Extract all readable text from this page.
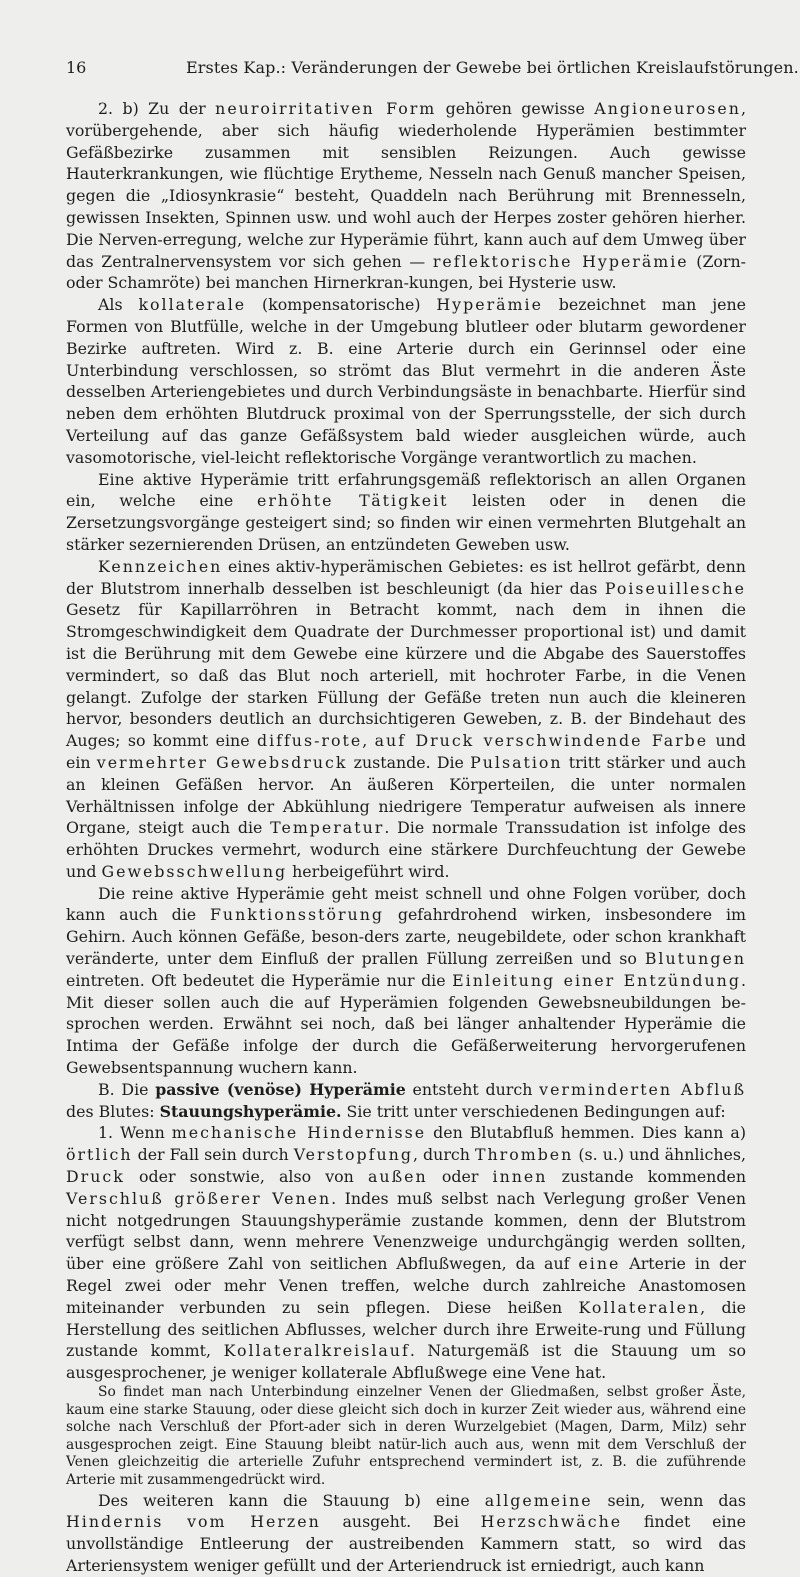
16	Erstes Kap.: Veränderungen der Gewebe bei örtlichen Kreislaufstörungen.

2. b) Zu der neuroirritativen Form gehören gewisse Angioneurosen, vorübergehende, aber sich häufig wiederholende Hyperämien bestimmter Gefäßbezirke zusammen mit sensiblen Reizungen. Auch gewisse Hauterkrankungen, wie flüchtige Erytheme, Nesseln nach Genuß mancher Speisen, gegen die „Idiosynkrasie“ besteht, Quaddeln nach Berührung mit Brennesseln, gewissen Insekten, Spinnen usw. und wohl auch der Herpes zoster gehören hierher. Die Nerven-erregung, welche zur Hyperämie führt, kann auch auf dem Umweg über das Zentralnervensystem vor sich gehen — reflektorische Hyperämie (Zorn- oder Schamröte) bei manchen Hirnerkran-kungen, bei Hysterie usw.

Als kollaterale (kompensatorische) Hyperämie bezeichnet man jene Formen von Blutfülle, welche in der Umgebung blutleer oder blutarm gewordener Bezirke auftreten. Wird z. B. eine Arterie durch ein Gerinnsel oder eine Unterbindung verschlossen, so strömt das Blut vermehrt in die anderen Äste desselben Arteriengebietes und durch Verbindungsäste in benachbarte. Hierfür sind neben dem erhöhten Blutdruck proximal von der Sperrungsstelle, der sich durch Verteilung auf das ganze Gefäßsystem bald wieder ausgleichen würde, auch vasomotorische, viel-leicht reflektorische Vorgänge verantwortlich zu machen.

Eine aktive Hyperämie tritt erfahrungsgemäß reflektorisch an allen Organen ein, welche eine erhöhte Tätigkeit leisten oder in denen die Zersetzungsvorgänge gesteigert sind; so finden wir einen vermehrten Blutgehalt an stärker sezernierenden Drüsen, an entzündeten Geweben usw.

Kennzeichen eines aktiv-hyperämischen Gebietes: es ist hellrot gefärbt, denn der Blutstrom innerhalb desselben ist beschleunigt (da hier das Poiseuillesche Gesetz für Kapillarröhren in Betracht kommt, nach dem in ihnen die Stromgeschwindigkeit dem Quadrate der Durchmesser proportional ist) und damit ist die Berührung mit dem Gewebe eine kürzere und die Abgabe des Sauerstoffes vermindert, so daß das Blut noch arteriell, mit hochroter Farbe, in die Venen gelangt. Zufolge der starken Füllung der Gefäße treten nun auch die kleineren hervor, besonders deutlich an durchsichtigeren Geweben, z. B. der Bindehaut des Auges; so kommt eine diffus-rote, auf Druck verschwindende Farbe und ein vermehrter Gewebsdruck zustande. Die Pulsation tritt stärker und auch an kleinen Gefäßen hervor. An äußeren Körperteilen, die unter normalen Verhältnissen infolge der Abkühlung niedrigere Temperatur aufweisen als innere Organe, steigt auch die Temperatur. Die normale Transsudation ist infolge des erhöhten Druckes vermehrt, wodurch eine stärkere Durchfeuchtung der Gewebe und Gewebsschwellung herbeigeführt wird.

Die reine aktive Hyperämie geht meist schnell und ohne Folgen vorüber, doch kann auch die Funktionsstörung gefahrdrohend wirken, insbesondere im Gehirn. Auch können Gefäße, beson-ders zarte, neugebildete, oder schon krankhaft veränderte, unter dem Einfluß der prallen Füllung zerreißen und so Blutungen eintreten. Oft bedeutet die Hyperämie nur die Einleitung einer Entzündung. Mit dieser sollen auch die auf Hyperämien folgenden Gewebsneubildungen be-sprochen werden. Erwähnt sei noch, daß bei länger anhaltender Hyperämie die Intima der Gefäße infolge der durch die Gefäßerweiterung hervorgerufenen Gewebsentspannung wuchern kann.

B. Die passive (venöse) Hyperämie entsteht durch verminderten Abfluß des Blutes: Stauungshyperämie. Sie tritt unter verschiedenen Bedingungen auf:

1. Wenn mechanische Hindernisse den Blutabfluß hemmen. Dies kann a) örtlich der Fall sein durch Verstopfung, durch Thromben (s. u.) und ähnliches, Druck oder sonstwie, also von außen oder innen zustande kommenden Verschluß größerer Venen. Indes muß selbst nach Verlegung großer Venen nicht notgedrungen Stauungshyperämie zustande kommen, denn der Blutstrom verfügt selbst dann, wenn mehrere Venenzweige undurchgängig werden sollten, über eine größere Zahl von seitlichen Abflußwegen, da auf eine Arterie in der Regel zwei oder mehr Venen treffen, welche durch zahlreiche Anastomosen miteinander verbunden zu sein pflegen. Diese heißen Kollateralen, die Herstellung des seitlichen Abflusses, welcher durch ihre Erweite-rung und Füllung zustande kommt, Kollateralkreislauf. Naturgemäß ist die Stauung um so ausgesprochener, je weniger kollaterale Abflußwege eine Vene hat.

So findet man nach Unterbindung einzelner Venen der Gliedmaßen, selbst großer Äste, kaum eine starke Stauung, oder diese gleicht sich doch in kurzer Zeit wieder aus, während eine solche nach Verschluß der Pfort-ader sich in deren Wurzelgebiet (Magen, Darm, Milz) sehr ausgesprochen zeigt. Eine Stauung bleibt natür-lich auch aus, wenn mit dem Verschluß der Venen gleichzeitig die arterielle Zufuhr entsprechend vermindert ist, z. B. die zuführende Arterie mit zusammengedrückt wird.

Des weiteren kann die Stauung b) eine allgemeine sein, wenn das Hindernis vom Herzen ausgeht. Bei Herzschwäche findet eine unvollständige Entleerung der austreibenden Kammern statt, so wird das Arteriensystem weniger gefüllt und der Arteriendruck ist erniedrigt, auch kann
